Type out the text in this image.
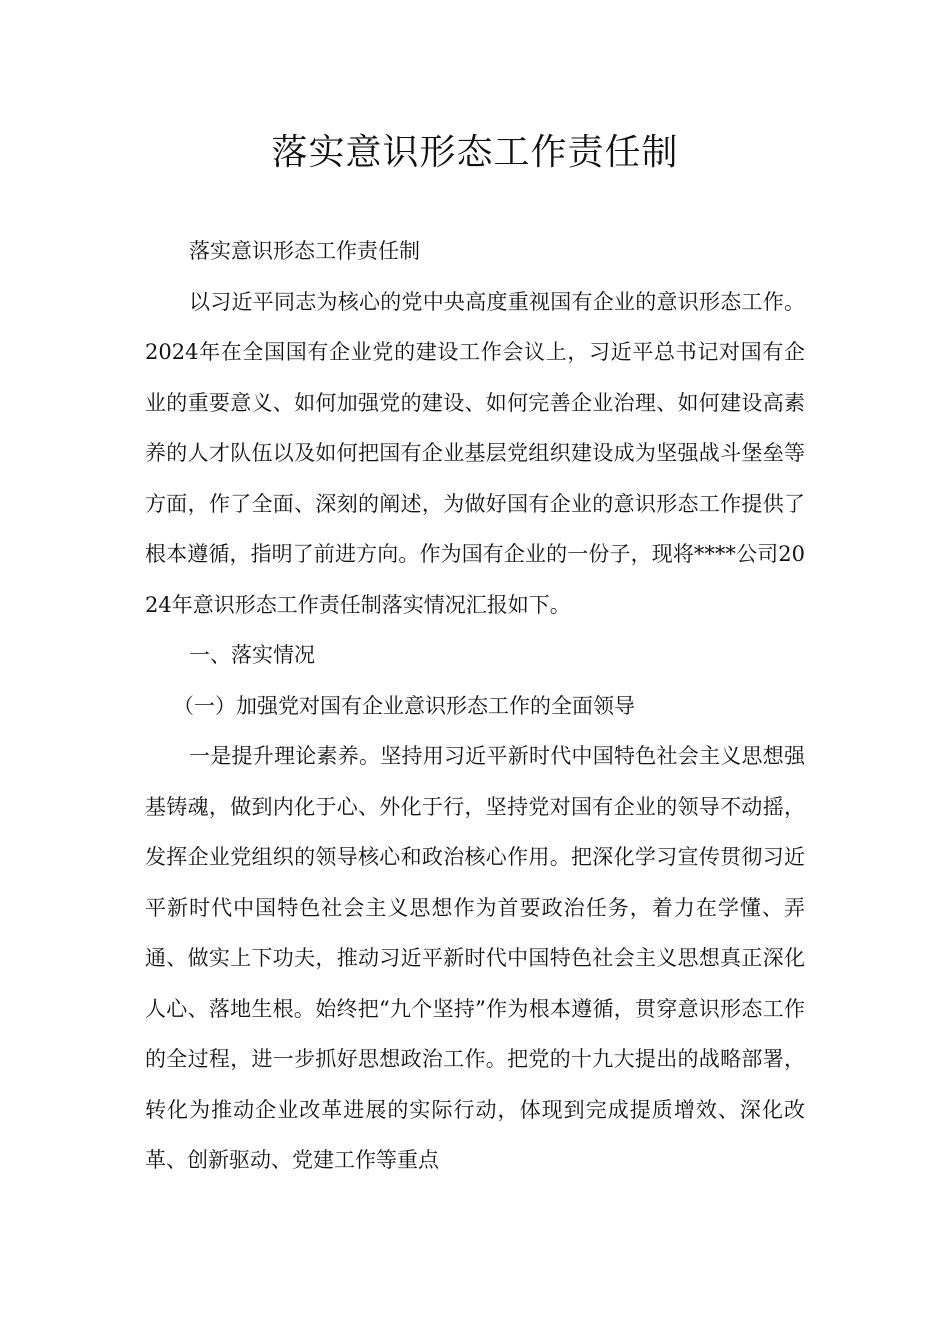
落实意识形态工作责任制

落实意识形态工作责任制

以习近平同志为核心的党中央高度重视国有企业的意识形态工作。2024年在全国国有企业党的建设工作会议上，习近平总书记对国有企业的重要意义、如何加强党的建设、如何完善企业治理、如何建设高素养的人才队伍以及如何把国有企业基层党组织建设成为坚强战斗堡垒等方面，作了全面、深刻的阐述，为做好国有企业的意识形态工作提供了根本遵循，指明了前进方向。作为国有企业的一份子，现将****公司2024年意识形态工作责任制落实情况汇报如下。

一、落实情况

（一）加强党对国有企业意识形态工作的全面领导

一是提升理论素养。坚持用习近平新时代中国特色社会主义思想强基铸魂，做到内化于心、外化于行，坚持党对国有企业的领导不动摇，发挥企业党组织的领导核心和政治核心作用。把深化学习宣传贯彻习近平新时代中国特色社会主义思想作为首要政治任务，着力在学懂、弄通、做实上下功夫，推动习近平新时代中国特色社会主义思想真正深化人心、落地生根。始终把“九个坚持”作为根本遵循，贯穿意识形态工作的全过程，进一步抓好思想政治工作。把党的十九大提出的战略部署，转化为推动企业改革进展的实际行动，体现到完成提质增效、深化改革、创新驱动、党建工作等重点
